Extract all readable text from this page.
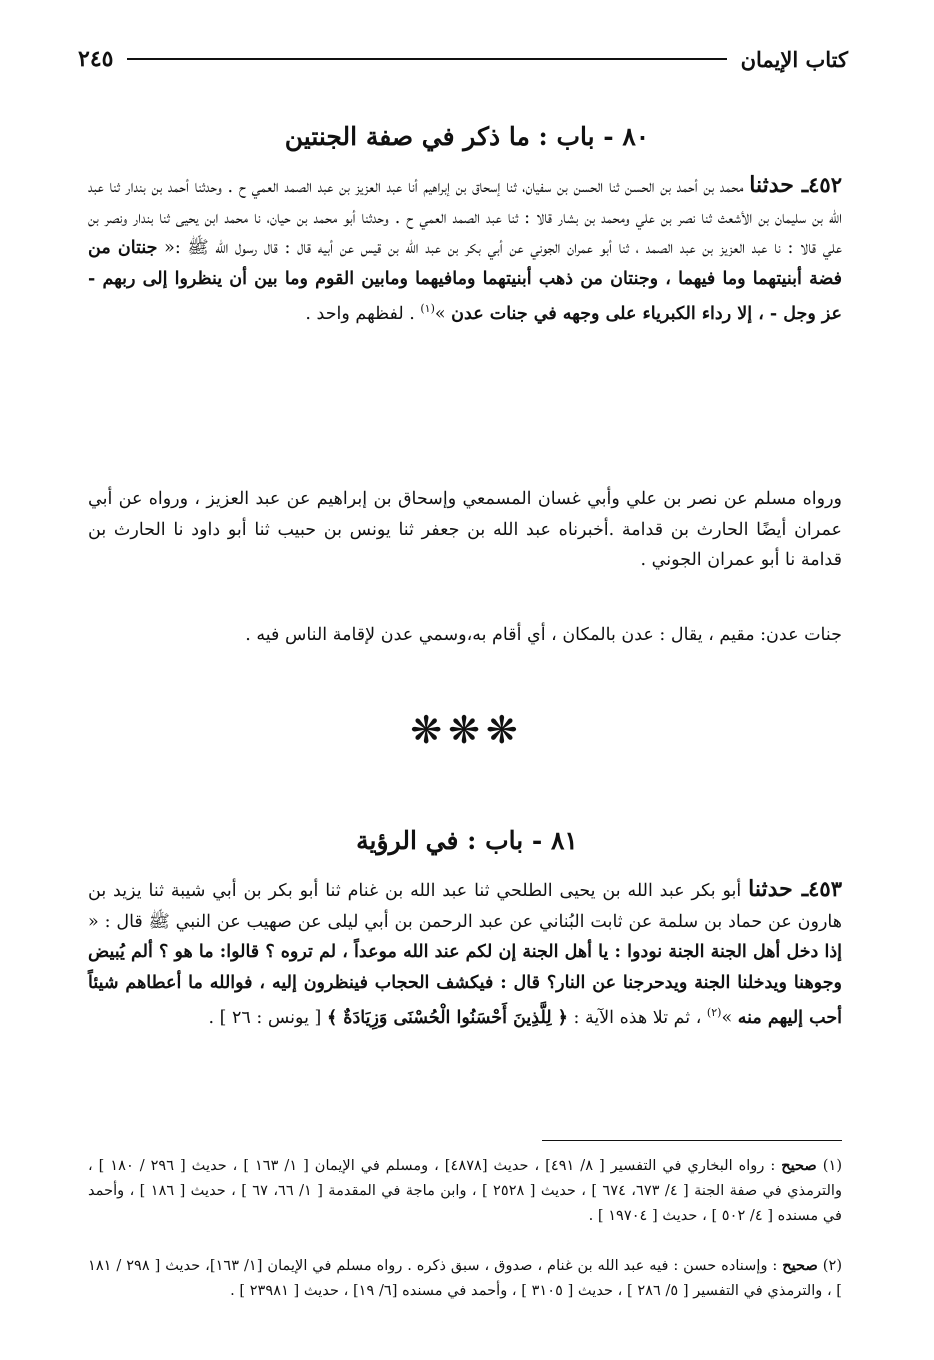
كتاب الإيمان
٢٤٥
٨٠ - باب : ما ذكر في صفة الجنتين
٤٥٢ـ حدثنا محمد بن أحمد بن الحسن ثنا الحسن بن سفيان، ثنا إسحاق بن إبراهيم أنا عبد العزيز بن عبد الصمد العمي ح . وحدثنا أحمد بن بندار ثنا عبد الله بن سليمان بن الأشعث ثنا نصر بن علي ومحمد بن بشار قالا : ثنا عبد الصمد العمي ح . وحدثنا أبو محمد بن حيان، نا محمد ابن يحيى ثنا بندار ونصر بن علي قالا : نا عبد العزيز بن عبد الصمد ، ثنا أبو عمران الجوني عن أبي بكر بن عبد الله بن قيس عن أبيه قال : قال رسول الله ﷺ :« جنتان من فضة أبنيتهما وما فيهما ، وجنتان من ذهب أبنيتهما ومافيهما ومابين القوم وما بين أن ينظروا إلى ربهم - عز وجل - ، إلا رداء الكبرياء على وجهه في جنات عدن »$^{(١)}$ . لفظهم واحد .
ورواه مسلم عن نصر بن علي وأبي غسان المسمعي وإسحاق بن إبراهيم عن عبد العزيز ، ورواه عن أبي عمران أيضًا الحارث بن قدامة .أخبرناه عبد الله بن جعفر ثنا يونس بن حبيب ثنا أبو داود نا الحارث بن قدامة نا أبو عمران الجوني .
جنات عدن: مقيم ، يقال : عدن بالمكان ، أي أقام به،وسمي عدن لإقامة الناس فيه .
❋❋❋
٨١ - باب : في الرؤية
٤٥٣ـ حدثنا أبو بكر عبد الله بن يحيى الطلحي ثنا عبد الله بن غنام ثنا أبو بكر بن أبي شيبة ثنا يزيد بن هارون عن حماد بن سلمة عن ثابت البُناني عن عبد الرحمن بن أبي ليلى عن صهيب عن النبي ﷺ قال : « إذا دخل أهل الجنة الجنة نودوا : يا أهل الجنة إن لكم عند الله موعداً ، لم تروه ؟ قالوا: ما هو ؟ ألم يُبيض وجوهنا ويدخلنا الجنة ويدحرجنا عن النار؟ قال : فيكشف الحجاب فينظرون إليه ، فوالله ما أعطاهم شيئاً أحب إليهم منه »$^{(٢)}$ ، ثم تلا هذه الآية : ﴿ لِلَّذِينَ أَحْسَنُوا الْحُسْنَى وَزِيَادَةٌ ﴾ [ يونس : ٢٦ ] .
(١) صحيح : رواه البخاري في التفسير [ ٨/ ٤٩١] ، حديث [٤٨٧٨] ، ومسلم في الإيمان [ ١/ ١٦٣ ] ، حديث [ ٢٩٦ / ١٨٠ ] ، والترمذي في صفة الجنة [ ٤/ ٦٧٣، ٦٧٤ ] ، حديث [ ٢٥٢٨ ] ، وابن ماجة في المقدمة [ ١/ ٦٦، ٦٧ ] ، حديث [ ١٨٦ ] ، وأحمد في مسنده [ ٤/ ٥٠٢ ] ، حديث [ ١٩٧٠٤ ] .
(٢) صحيح : وإسناده حسن : فيه عبد الله بن غنام ، صدوق ، سبق ذكره . رواه مسلم في الإيمان [١/ ١٦٣]، حديث [ ٢٩٨ / ١٨١ ] ، والترمذي في التفسير [ ٥/ ٢٨٦ ] ، حديث [ ٣١٠٥ ] ، وأحمد في مسنده [٦/ ١٩] ، حديث [ ٢٣٩٨١ ] .
